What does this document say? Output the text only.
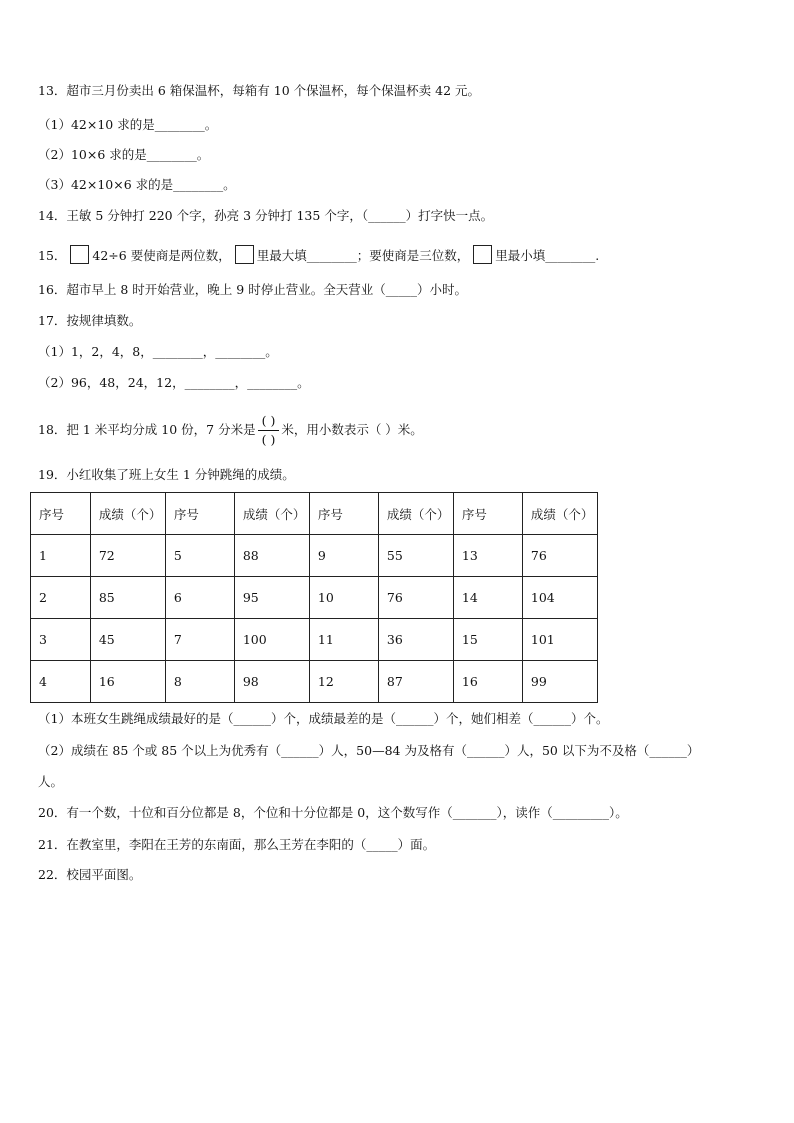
13．超市三月份卖出 6 箱保温杯，每箱有 10 个保温杯，每个保温杯卖 42 元。
（1）42×10 求的是________。
（2）10×6 求的是________。
（3）42×10×6 求的是________。
14．王敏 5 分钟打 220 个字，孙亮 3 分钟打 135 个字，（______）打字快一点。
15． 42÷6 要使商是两位数， 里最大填________；要使商是三位数， 里最小填________.
16．超市早上 8 时开始营业，晚上 9 时停止营业。全天营业（_____）小时。
17．按规律填数。
（1）1，2，4，8，________，________。
（2）96，48，24，12，________，________。
18．把 1 米平均分成 10 份，7 分米是 $\frac{( )}{( )}$ 米，用小数表示（ ）米。
19．小红收集了班上女生 1 分钟跳绳的成绩。
序号	成绩（个）	序号	成绩（个）	序号	成绩（个）	序号	成绩（个）
1	72	5	88	9	55	13	76
2	85	6	95	10	76	14	104
3	45	7	100	11	36	15	101
4	16	8	98	12	87	16	99
（1）本班女生跳绳成绩最好的是（______）个，成绩最差的是（______）个，她们相差（______）个。
（2）成绩在 85 个或 85 个以上为优秀有（______）人，50—84 为及格有（______）人，50 以下为不及格（______）
人。
20．有一个数，十位和百分位都是 8，个位和十分位都是 0，这个数写作（_______），读作（_________）。
21．在教室里，李阳在王芳的东南面，那么王芳在李阳的（_____）面。
22．校园平面图。
